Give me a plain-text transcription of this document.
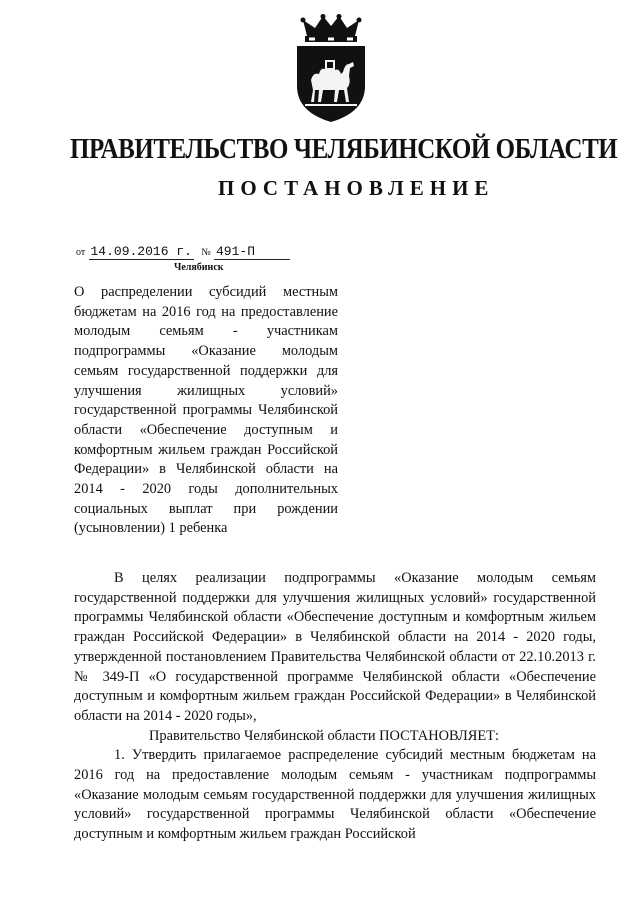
ПРАВИТЕЛЬСТВО ЧЕЛЯБИНСКОЙ ОБЛАСТИ
ПОСТАНОВЛЕНИЕ
от 14.09.2016 г. № 491-П
Челябинск

О распределении субсидий местным бюджетам на 2016 год на предоставление молодым семьям - участникам подпрограммы «Оказание молодым семьям государственной поддержки для улучшения жилищных условий» государственной программы Челябинской области «Обеспечение доступным и комфортным жильем граждан Российской Федерации» в Челябинской области на 2014 - 2020 годы дополнительных социальных выплат при рождении (усыновлении) 1 ребенка

В целях реализации подпрограммы «Оказание молодым семьям государственной поддержки для улучшения жилищных условий» государственной программы Челябинской области «Обеспечение доступным и комфортным жильем граждан Российской Федерации» в Челябинской области на 2014 - 2020 годы, утвержденной постановлением Правительства Челябинской области от 22.10.2013 г. № 349-П «О государственной программе Челябинской области «Обеспечение доступным и комфортным жильем граждан Российской Федерации» в Челябинской области на 2014 - 2020 годы»,

Правительство Челябинской области ПОСТАНОВЛЯЕТ:

1. Утвердить прилагаемое распределение субсидий местным бюджетам на 2016 год на предоставление молодым семьям - участникам подпрограммы «Оказание молодым семьям государственной поддержки для улучшения жилищных условий» государственной программы Челябинской области «Обеспечение доступным и комфортным жильем граждан Российской
